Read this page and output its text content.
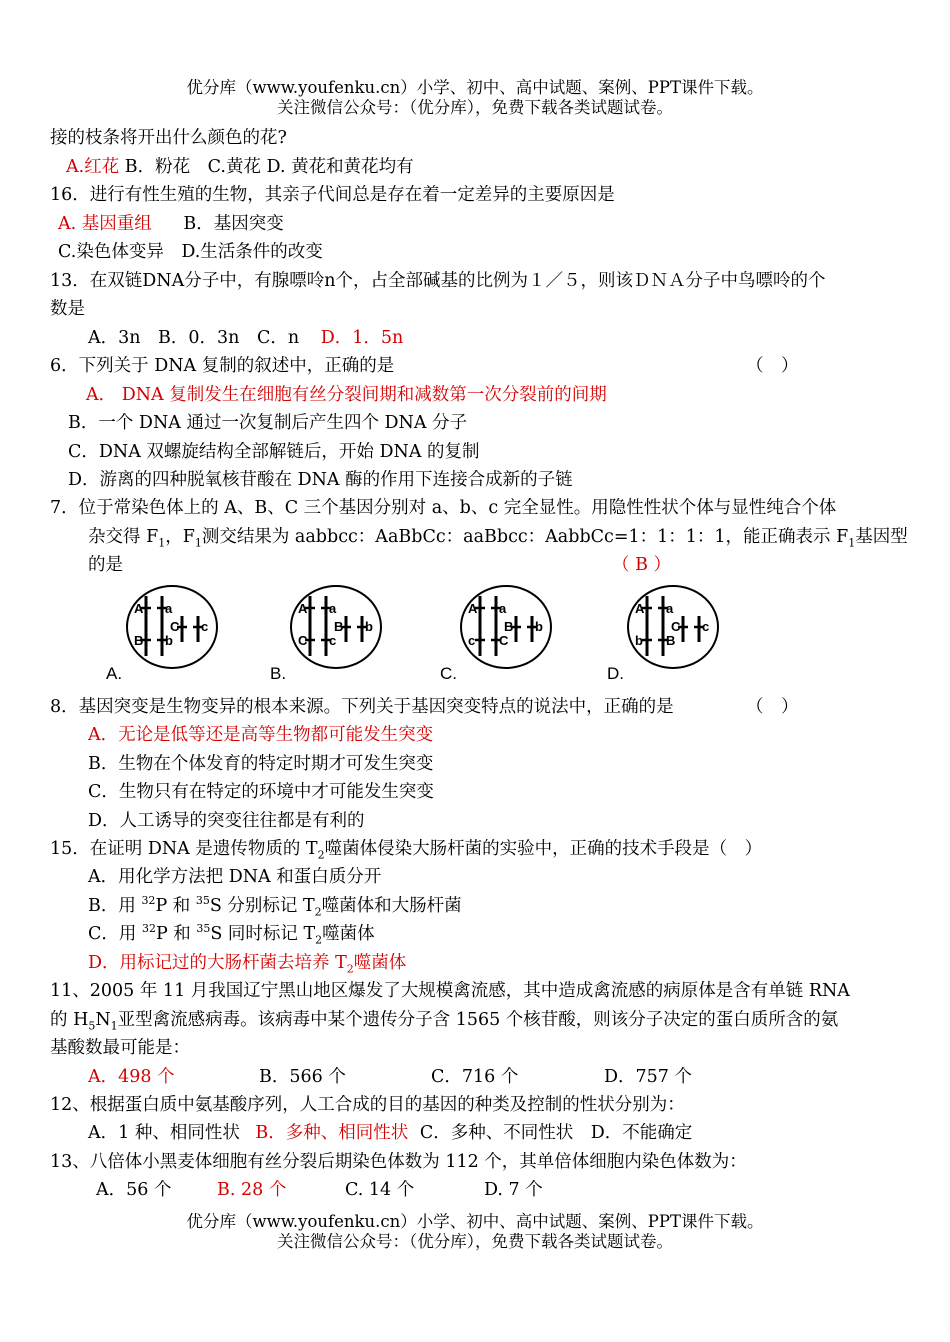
优分库（www.youfenku.cn）小学、初中、高中试题、案例、PPT课件下载。
关注微信公众号：（优分库），免费下载各类试题试卷。
接的枝条将开出什么颜色的花?
A.红花 B．粉花　C.黄花 D. 黄花和黄花均有
16．进行有性生殖的生物，其亲子代间总是存在着一定差异的主要原因是
A. 基因重组 B．基因突变
C.染色体变异　D.生活条件的改变
13．在双链DNA分子中，有腺嘌呤n个，占全部碱基的比例为１／５，则该ＤＮＡ分子中鸟嘌呤的个
数是
A．3n　B．0．3n　C．n D．1．5n
6．下列关于 DNA 复制的叙述中，正确的是	（　）
A． DNA 复制发生在细胞有丝分裂间期和减数第一次分裂前的间期
B．一个 DNA 通过一次复制后产生四个 DNA 分子
C．DNA 双螺旋结构全部解链后，开始 DNA 的复制
D．游离的四种脱氧核苷酸在 DNA 酶的作用下连接合成新的子链
7．位于常染色体上的 A、B、C 三个基因分别对 a、b、c 完全显性。用隐性性状个体与显性纯合个体
杂交得 $F_1$，$F_1$测交结果为 aabbcc：AaBbCc：aaBbcc：AabbCc=1：1：1：1，能正确表示 $F_1$基因型
的是	（ B ）
A a
B b
C c
A.
A a
C c
B b
B.
A a
c C
B b
C.
A a
b B
C c
D.
8．基因突变是生物变异的根本来源。下列关于基因突变特点的说法中，正确的是	（　）
A．无论是低等还是高等生物都可能发生突变
B．生物在个体发育的特定时期才可发生突变
C．生物只有在特定的环境中才可能发生突变
D．人工诱导的突变往往都是有利的
15．在证明 DNA 是遗传物质的 $T_2$噬菌体侵染大肠杆菌的实验中，正确的技术手段是（　）
A．用化学方法把 DNA 和蛋白质分开
B．用 $^{32}$P 和 $^{35}$S 分别标记 $T_2$噬菌体和大肠杆菌
C．用 $^{32}$P 和 $^{35}$S 同时标记 $T_2$噬菌体
D．用标记过的大肠杆菌去培养 $T_2$噬菌体
11、2005 年 11 月我国辽宁黑山地区爆发了大规模禽流感，其中造成禽流感的病原体是含有单链 RNA
的 $H_5N_1$亚型禽流感病毒。该病毒中某个遗传分子含 1565 个核苷酸，则该分子决定的蛋白质所含的氨
基酸数最可能是：
A．498 个	B．566 个	C．716 个	D．757 个
12、根据蛋白质中氨基酸序列，人工合成的目的基因的种类及控制的性状分别为：
A．1 种、相同性状 B．多种、相同性状 C．多种、不同性状　D．不能确定
13、八倍体小黑麦体细胞有丝分裂后期染色体数为 112 个，其单倍体细胞内染色体数为：
A．56 个	B. 28 个	C. 14 个	D. 7 个
优分库（www.youfenku.cn）小学、初中、高中试题、案例、PPT课件下载。
关注微信公众号：（优分库），免费下载各类试题试卷。
